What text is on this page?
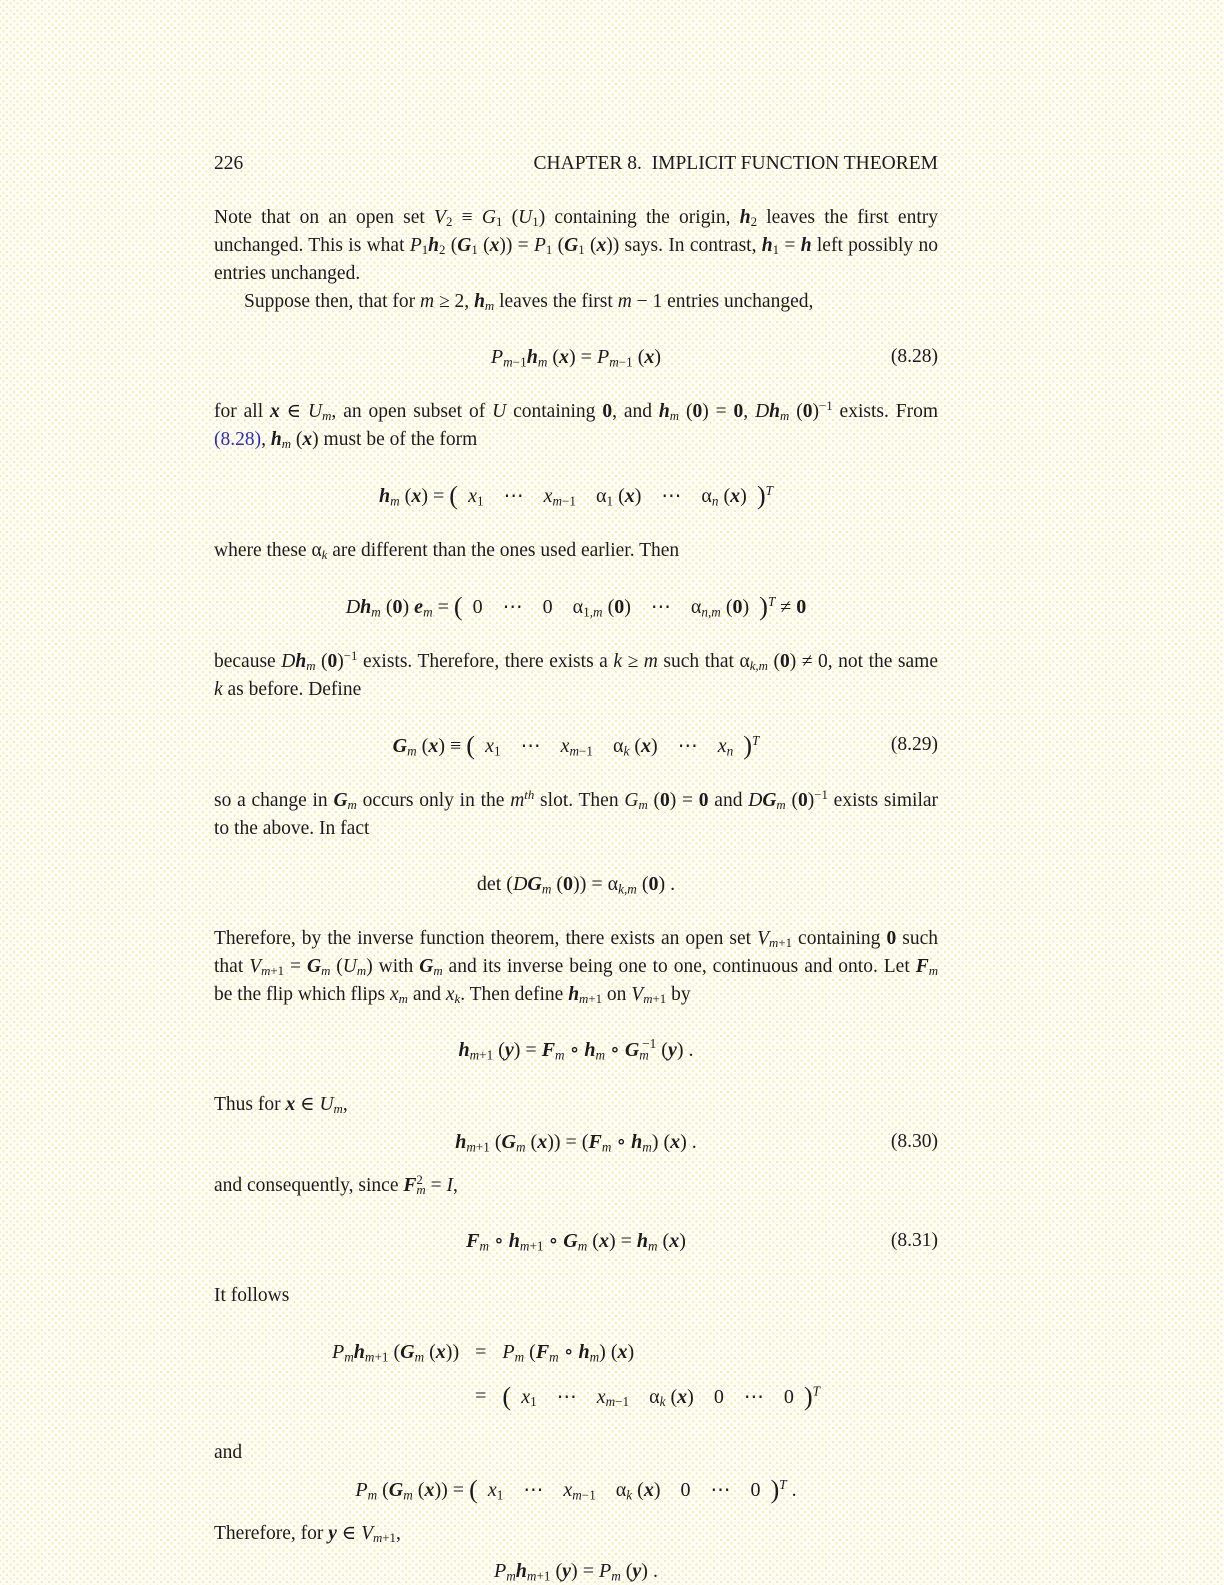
226	CHAPTER 8. IMPLICIT FUNCTION THEOREM

Note that on an open set $V_2 \equiv G_1$ $(U_1)$ containing the origin, $h_2$ leaves the first entry unchanged. This is what $P_1h_2$ ($G_1$ $(x)) = P_1$ ($G_1$ (x)) says. In contrast, $h_1 = h$ left possibly no entries unchanged.

Suppose then, that for m ≥ 2, $h_m$ leaves the first m − 1 entries unchanged,

$P_{m-1}h_m$ $(x) = P_{m-1}$ (x)	(8.28)

for all x ∈ $U_m$, an open subset of U containing 0, and $h_m$ (0) = 0, $Dh_m$ $(0)^{-1}$ exists. From (8.28), $h_m$ (x) must be of the form

$h_m$ (x) = (  $x_1$ ⋯ $x_{m-1}$  $\alpha_1$ (x) ⋯ $\alpha_n$ (x) )$^T$

where these $\alpha_k$ are different than the ones used earlier. Then

$Dh_m$ (0) $e_m$ = ( 0 ⋯ 0  $\alpha_{1,m}$ (0) ⋯ $\alpha_{n,m}$ (0) )$^T$ ≠ 0

because $Dh_m$ $(0)^{-1}$ exists. Therefore, there exists a k ≥ m such that $\alpha_{k,m}$ (0) ≠ 0, not the same k as before. Define

$G_m$ (x) ≡ (  $x_1$ ⋯ $x_{m-1}$  $\alpha_k$ (x) ⋯ $x_n$  )$^T$	(8.29)

so a change in $G_m$ occurs only in the $m^{th}$ slot. Then $G_m$ (0) = 0 and $DG_m$ $(0)^{-1}$ exists similar to the above. In fact

$\det (DG_m$ $(0)) = \alpha_{k,m}$ (0) .

Therefore, by the inverse function theorem, there exists an open set $V_{m+1}$ containing 0 such that $V_{m+1} = G_m$ $(U_m)$ with $G_m$ and its inverse being one to one, continuous and onto. Let $F_m$ be the flip which flips $x_m$ and $x_k$. Then define $h_{m+1}$ on $V_{m+1}$ by

$h_{m+1}$ $(y) = F_m$ ∘ $h_m$ ∘ $G_m^{-1}$ (y) .

Thus for x ∈ $U_m$,

$h_{m+1}$ ($G_m$ $(x)) = (F_m$ ∘ $h_m$) (x) .	(8.30)

and consequently, since $F^2_m = I$,

$F_m$ ∘ $h_{m+1}$ ∘ $G_m$ $(x) = h_m$ (x)	(8.31)

It follows

$P_mh_{m+1}$ ($G_m$ $(x)) = P_m$ ($F_m$ ∘ $h_m$) (x)
= (  $x_1$ ⋯ $x_{m-1}$  $\alpha_k$ (x)  0 ⋯ 0 )$^T$

and

$P_m$ ($G_m$ (x)) = (  $x_1$ ⋯ $x_{m-1}$  $\alpha_k$ (x)  0 ⋯ 0 )$^T$ .

Therefore, for y ∈ $V_{m+1}$,

$P_mh_{m+1}$ $(y) = P_m$ (y) .
